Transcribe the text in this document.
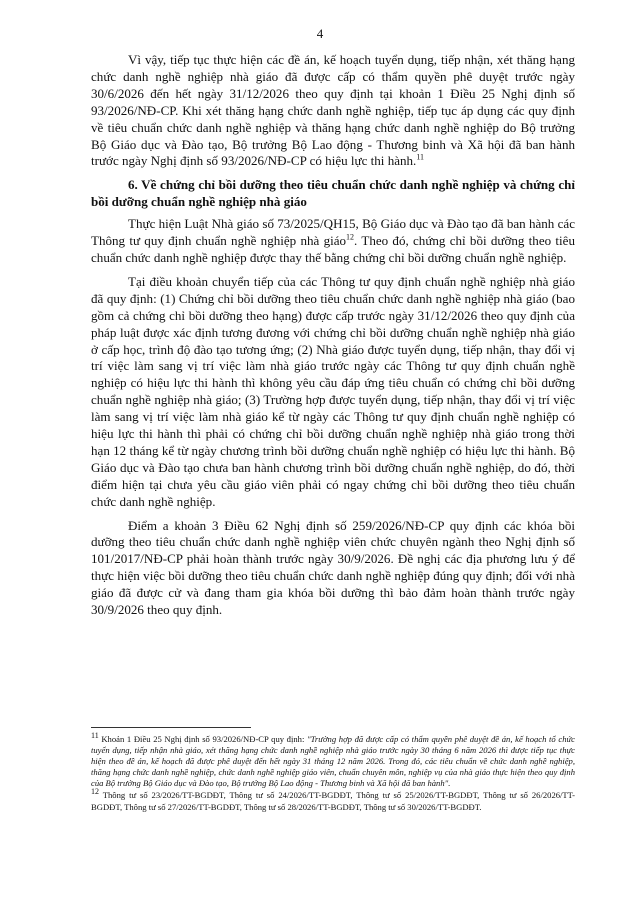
4

Vì vậy, tiếp tục thực hiện các đề án, kế hoạch tuyển dụng, tiếp nhận, xét thăng hạng chức danh nghề nghiệp nhà giáo đã được cấp có thẩm quyền phê duyệt trước ngày 30/6/2026 đến hết ngày 31/12/2026 theo quy định tại khoản 1 Điều 25 Nghị định số 93/2026/NĐ-CP. Khi xét thăng hạng chức danh nghề nghiệp, tiếp tục áp dụng các quy định về tiêu chuẩn chức danh nghề nghiệp và thăng hạng chức danh nghề nghiệp do Bộ trưởng Bộ Giáo dục và Đào tạo, Bộ trưởng Bộ Lao động - Thương binh và Xã hội đã ban hành trước ngày Nghị định số 93/2026/NĐ-CP có hiệu lực thi hành.$^{11}$

6. Về chứng chỉ bồi dưỡng theo tiêu chuẩn chức danh nghề nghiệp và chứng chỉ bồi dưỡng chuẩn nghề nghiệp nhà giáo

Thực hiện Luật Nhà giáo số 73/2025/QH15, Bộ Giáo dục và Đào tạo đã ban hành các Thông tư quy định chuẩn nghề nghiệp nhà giáo$^{12}$. Theo đó, chứng chỉ bồi dưỡng theo tiêu chuẩn chức danh nghề nghiệp được thay thế bằng chứng chỉ bồi dưỡng chuẩn nghề nghiệp.

Tại điều khoản chuyển tiếp của các Thông tư quy định chuẩn nghề nghiệp nhà giáo đã quy định: (1) Chứng chỉ bồi dưỡng theo tiêu chuẩn chức danh nghề nghiệp nhà giáo (bao gồm cả chứng chỉ bồi dưỡng theo hạng) được cấp trước ngày 31/12/2026 theo quy định của pháp luật được xác định tương đương với chứng chỉ bồi dưỡng chuẩn nghề nghiệp nhà giáo ở cấp học, trình độ đào tạo tương ứng; (2) Nhà giáo được tuyển dụng, tiếp nhận, thay đổi vị trí việc làm sang vị trí việc làm nhà giáo trước ngày các Thông tư quy định chuẩn nghề nghiệp có hiệu lực thi hành thì không yêu cầu đáp ứng tiêu chuẩn có chứng chỉ bồi dưỡng chuẩn nghề nghiệp nhà giáo; (3) Trường hợp được tuyển dụng, tiếp nhận, thay đổi vị trí việc làm sang vị trí việc làm nhà giáo kể từ ngày các Thông tư quy định chuẩn nghề nghiệp có hiệu lực thi hành thì phải có chứng chỉ bồi dưỡng chuẩn nghề nghiệp nhà giáo trong thời hạn 12 tháng kể từ ngày chương trình bồi dưỡng chuẩn nghề nghiệp có hiệu lực thi hành. Bộ Giáo dục và Đào tạo chưa ban hành chương trình bồi dưỡng chuẩn nghề nghiệp, do đó, thời điểm hiện tại chưa yêu cầu giáo viên phải có ngay chứng chỉ bồi dưỡng theo tiêu chuẩn chức danh nghề nghiệp.

Điểm a khoản 3 Điều 62 Nghị định số 259/2026/NĐ-CP quy định các khóa bồi dưỡng theo tiêu chuẩn chức danh nghề nghiệp viên chức chuyên ngành theo Nghị định số 101/2017/NĐ-CP phải hoàn thành trước ngày 30/9/2026. Đề nghị các địa phương lưu ý để thực hiện việc bồi dưỡng theo tiêu chuẩn chức danh nghề nghiệp đúng quy định; đối với nhà giáo đã được cử và đang tham gia khóa bồi dưỡng thì bảo đảm hoàn thành trước ngày 30/9/2026 theo quy định.

$^{11}$ Khoản 1 Điều 25 Nghị định số 93/2026/NĐ-CP quy định: "Trường hợp đã được cấp có thẩm quyền phê duyệt đề án, kế hoạch tổ chức tuyển dụng, tiếp nhận nhà giáo, xét thăng hạng chức danh nghề nghiệp nhà giáo trước ngày 30 tháng 6 năm 2026 thì được tiếp tục thực hiện theo đề án, kế hoạch đã được phê duyệt đến hết ngày 31 tháng 12 năm 2026. Trong đó, các tiêu chuẩn về chức danh nghề nghiệp, thăng hạng chức danh nghề nghiệp, chức danh nghề nghiệp giáo viên, chuẩn chuyên môn, nghiệp vụ của nhà giáo thực hiện theo quy định của Bộ trưởng Bộ Giáo dục và Đào tạo, Bộ trưởng Bộ Lao động - Thương binh và Xã hội đã ban hành".

$^{12}$ Thông tư số 23/2026/TT-BGDĐT, Thông tư số 24/2026/TT-BGDĐT, Thông tư số 25/2026/TT-BGDĐT, Thông tư số 26/2026/TT-BGDĐT, Thông tư số 27/2026/TT-BGDĐT, Thông tư số 28/2026/TT-BGDĐT, Thông tư số 30/2026/TT-BGDĐT.
